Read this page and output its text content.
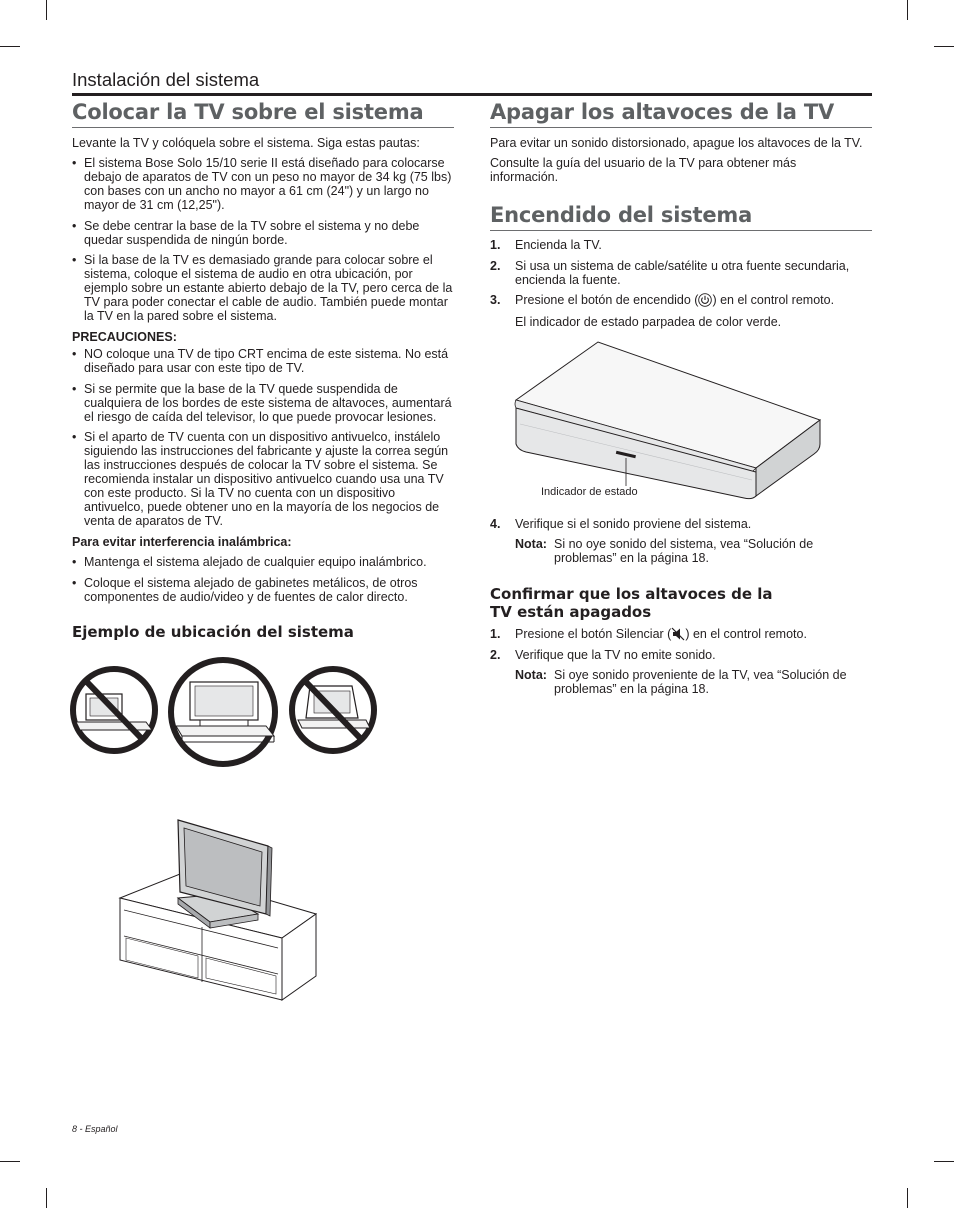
Instalación del sistema
Colocar la TV sobre el sistema

Levante la TV y colóquela sobre el sistema. Siga estas pautas:

• El sistema Bose Solo 15/10 serie II está diseñado para colocarse debajo de aparatos de TV con un peso no mayor de 34 kg (75 lbs) con bases con un ancho no mayor a 61 cm (24") y un largo no mayor de 31 cm (12,25").
• Se debe centrar la base de la TV sobre el sistema y no debe quedar suspendida de ningún borde.
• Si la base de la TV es demasiado grande para colocar sobre el sistema, coloque el sistema de audio en otra ubicación, por ejemplo sobre un estante abierto debajo de la TV, pero cerca de la TV para poder conectar el cable de audio. También puede montar la TV en la pared sobre el sistema.

PRECAUCIONES:

• NO coloque una TV de tipo CRT encima de este sistema. No está diseñado para usar con este tipo de TV.
• Si se permite que la base de la TV quede suspendida de cualquiera de los bordes de este sistema de altavoces, aumentará el riesgo de caída del televisor, lo que puede provocar lesiones.
• Si el aparto de TV cuenta con un dispositivo antivuelco, instálelo siguiendo las instrucciones del fabricante y ajuste la correa según las instrucciones después de colocar la TV sobre el sistema. Se recomienda instalar un dispositivo antivuelco cuando usa una TV con este producto. Si la TV no cuenta con un dispositivo antivuelco, puede obtener uno en la mayoría de los negocios de venta de aparatos de TV.

Para evitar interferencia inalámbrica:

• Mantenga el sistema alejado de cualquier equipo inalámbrico.
• Coloque el sistema alejado de gabinetes metálicos, de otros componentes de audio/video y de fuentes de calor directo.
Ejemplo de ubicación del sistema
Apagar los altavoces de la TV

Para evitar un sonido distorsionado, apague los altavoces de la TV.

Consulte la guía del usuario de la TV para obtener más información.

Encendido del sistema
1.	Encienda la TV.
2.	Si usa un sistema de cable/satélite u otra fuente secundaria, encienda la fuente.
3.	Presione el botón de encendido ( ) en el control remoto.

El indicador de estado parpadea de color verde.

Indicador de estado

4.	Verifique si el sonido proviene del sistema.
Nota: Si no oye sonido del sistema, vea “Solución de problemas” en la página 18.
Confirmar que los altavoces de la TV están apagados
1.	Presione el botón Silenciar ( ) en el control remoto.
2.	Verifique que la TV no emite sonido.
Nota: Si oye sonido proveniente de la TV, vea “Solución de problemas” en la página 18.
8 - Español
